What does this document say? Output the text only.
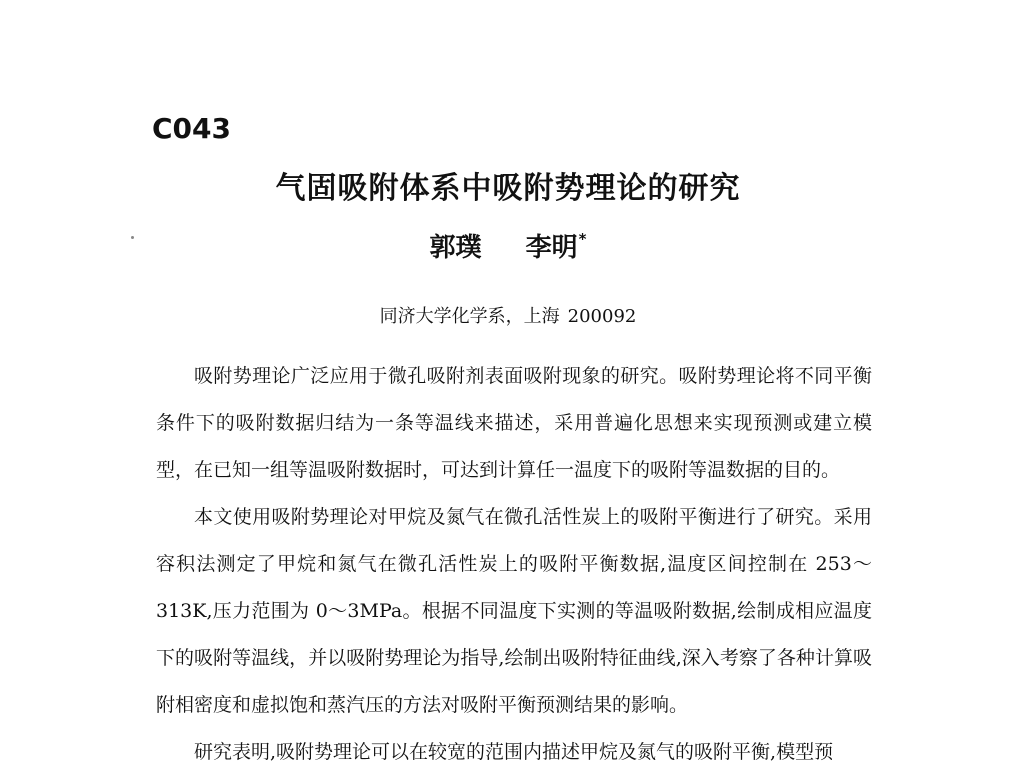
C043
气固吸附体系中吸附势理论的研究
郭璞 李明*
同济大学化学系，上海 200092

吸附势理论广泛应用于微孔吸附剂表面吸附现象的研究。吸附势理论将不同平衡条件下的吸附数据归结为一条等温线来描述，采用普遍化思想来实现预测或建立模型，在已知一组等温吸附数据时，可达到计算任一温度下的吸附等温数据的目的。

本文使用吸附势理论对甲烷及氮气在微孔活性炭上的吸附平衡进行了研究。采用容积法测定了甲烷和氮气在微孔活性炭上的吸附平衡数据,温度区间控制在 253～313K,压力范围为 0～3MPa。根据不同温度下实测的等温吸附数据,绘制成相应温度下的吸附等温线，并以吸附势理论为指导,绘制出吸附特征曲线,深入考察了各种计算吸附相密度和虚拟饱和蒸汽压的方法对吸附平衡预测结果的影响。

研究表明,吸附势理论可以在较宽的范围内描述甲烷及氮气的吸附平衡,模型预
